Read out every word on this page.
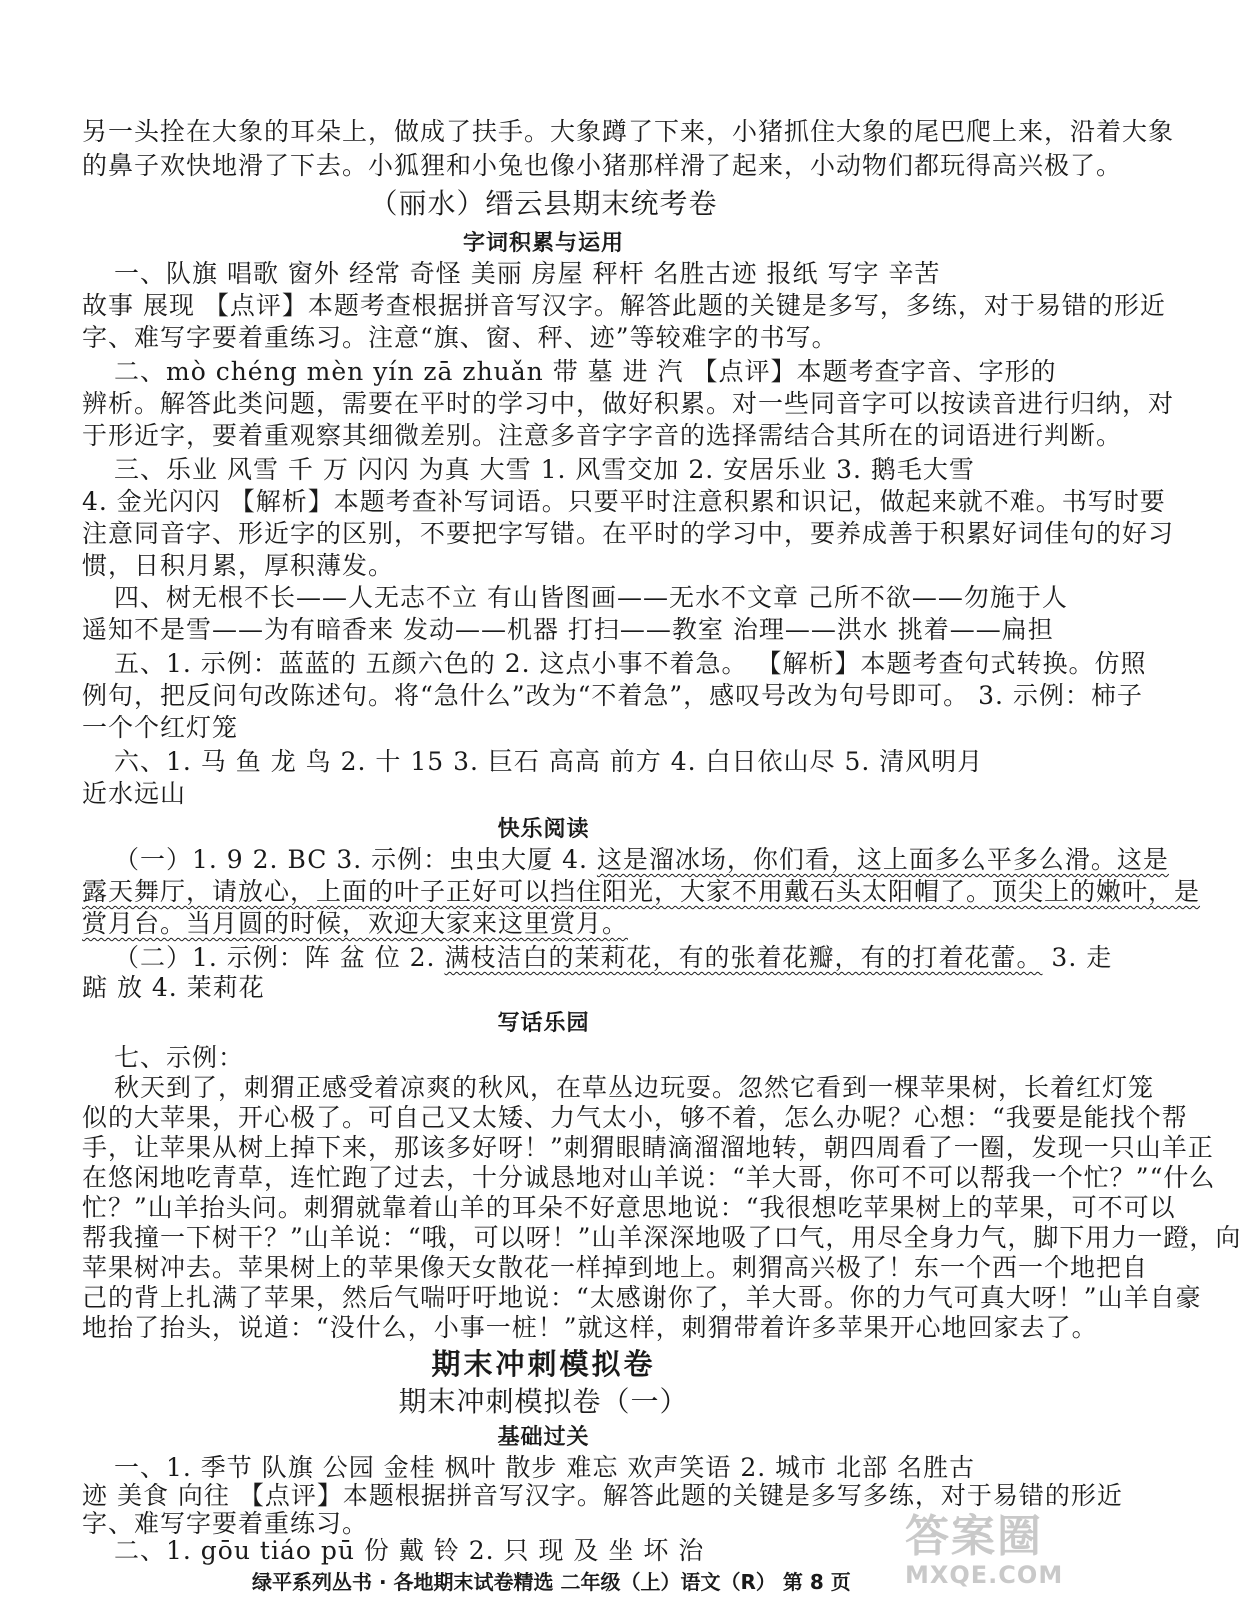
另一头拴在大象的耳朵上，做成了扶手。大象蹲了下来，小猪抓住大象的尾巴爬上来，沿着大象
的鼻子欢快地滑了下去。小狐狸和小兔也像小猪那样滑了起来，小动物们都玩得高兴极了。
（丽水）缙云县期末统考卷
字词积累与运用
一、队旗 唱歌 窗外 经常 奇怪 美丽 房屋 秤杆 名胜古迹 报纸 写字 辛苦
故事 展现 【点评】本题考查根据拼音写汉字。解答此题的关键是多写，多练，对于易错的形近
字、难写字要着重练习。注意“旗、窗、秤、迹”等较难字的书写。
二、mò chéng mèn yín zā zhuǎn 带 墓 进 汽 【点评】本题考查字音、字形的
辨析。解答此类问题，需要在平时的学习中，做好积累。对一些同音字可以按读音进行归纳，对
于形近字，要着重观察其细微差别。注意多音字字音的选择需结合其所在的词语进行判断。
三、乐业 风雪 千 万 闪闪 为真 大雪 1. 风雪交加 2. 安居乐业 3. 鹅毛大雪
4. 金光闪闪 【解析】本题考查补写词语。只要平时注意积累和识记，做起来就不难。书写时要
注意同音字、形近字的区别，不要把字写错。在平时的学习中，要养成善于积累好词佳句的好习
惯，日积月累，厚积薄发。
四、树无根不长——人无志不立 有山皆图画——无水不文章 己所不欲——勿施于人
遥知不是雪——为有暗香来 发动——机器 打扫——教室 治理——洪水 挑着——扁担
五、1. 示例：蓝蓝的 五颜六色的 2. 这点小事不着急。 【解析】本题考查句式转换。仿照
例句，把反问句改陈述句。将“急什么”改为“不着急”，感叹号改为句号即可。 3. 示例：柿子
一个个红灯笼
六、1. 马 鱼 龙 鸟 2. 十 15 3. 巨石 高高 前方 4. 白日依山尽 5. 清风明月
近水远山
快乐阅读
（一）1. 9 2. BC 3. 示例：虫虫大厦 4. 这是溜冰场，你们看，这上面多么平多么滑。这是
露天舞厅，请放心，上面的叶子正好可以挡住阳光，大家不用戴石头太阳帽了。顶尖上的嫩叶，是
赏月台。当月圆的时候，欢迎大家来这里赏月。
（二）1. 示例：阵 盆 位 2. 满枝洁白的茉莉花，有的张着花瓣，有的打着花蕾。 3. 走
踮 放 4. 茉莉花
写话乐园
七、示例：
秋天到了，刺猬正感受着凉爽的秋风，在草丛边玩耍。忽然它看到一棵苹果树，长着红灯笼
似的大苹果，开心极了。可自己又太矮、力气太小，够不着，怎么办呢？心想：“我要是能找个帮
手，让苹果从树上掉下来，那该多好呀！”刺猬眼睛滴溜溜地转，朝四周看了一圈，发现一只山羊正
在悠闲地吃青草，连忙跑了过去，十分诚恳地对山羊说：“羊大哥，你可不可以帮我一个忙？”“什么
忙？”山羊抬头问。刺猬就靠着山羊的耳朵不好意思地说：“我很想吃苹果树上的苹果，可不可以
帮我撞一下树干？”山羊说：“哦，可以呀！”山羊深深地吸了口气，用尽全身力气，脚下用力一蹬，向
苹果树冲去。苹果树上的苹果像天女散花一样掉到地上。刺猬高兴极了！东一个西一个地把自
己的背上扎满了苹果，然后气喘吁吁地说：“太感谢你了，羊大哥。你的力气可真大呀！”山羊自豪
地抬了抬头，说道：“没什么，小事一桩！”就这样，刺猬带着许多苹果开心地回家去了。
期末冲刺模拟卷
期末冲刺模拟卷（一）
基础过关
一、1. 季节 队旗 公园 金桂 枫叶 散步 难忘 欢声笑语 2. 城市 北部 名胜古
迹 美食 向往 【点评】本题根据拼音写汉字。解答此题的关键是多写多练，对于易错的形近
字、难写字要着重练习。
二、1. gōu tiáo pū 份 戴 铃 2. 只 现 及 坐 坏 治	答案圈
MXQE.COM
绿平系列丛书 · 各地期末试卷精选 二年级（上）语文（R） 第 8 页
